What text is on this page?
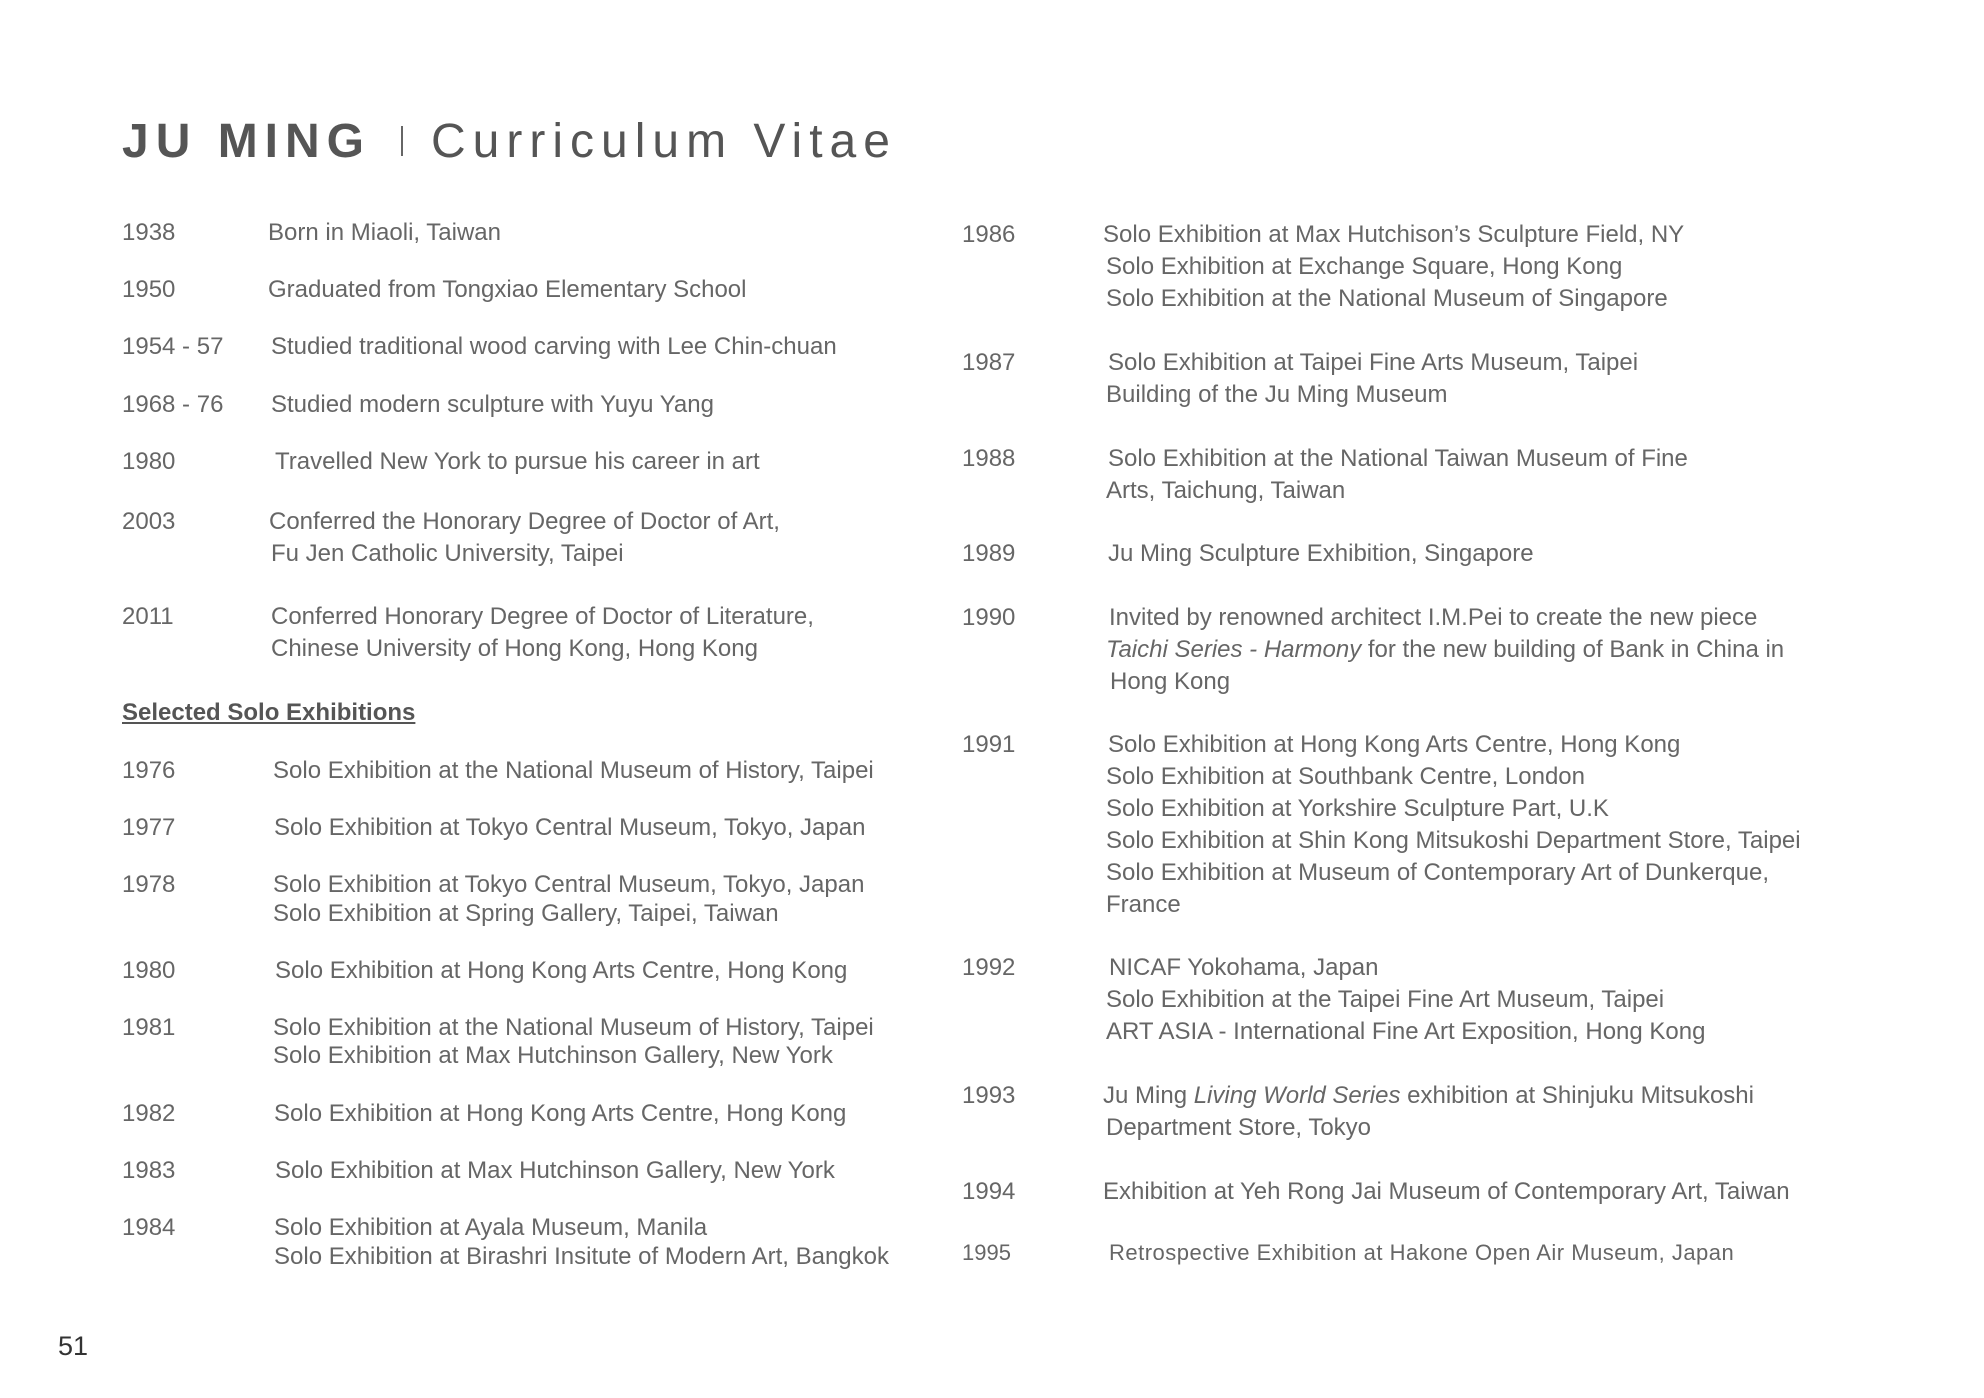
JU MING Curriculum Vitae
1938	Born in Miaoli, Taiwan
1950	Graduated from Tongxiao Elementary School
1954 - 57 Studied traditional wood carving with Lee Chin-chuan
1968 - 76 Studied modern sculpture with Yuyu Yang
1980	Travelled New York to pursue his career in art
2003	Conferred the Honorary Degree of Doctor of Art,
Fu Jen Catholic University, Taipei
2011	Conferred Honorary Degree of Doctor of Literature,
Chinese University of Hong Kong, Hong Kong
Selected Solo Exhibitions
1976	Solo Exhibition at the National Museum of History, Taipei
1977	Solo Exhibition at Tokyo Central Museum, Tokyo, Japan
1978	Solo Exhibition at Tokyo Central Museum, Tokyo, Japan
Solo Exhibition at Spring Gallery, Taipei, Taiwan
1980	Solo Exhibition at Hong Kong Arts Centre, Hong Kong
1981	Solo Exhibition at the National Museum of History, Taipei
Solo Exhibition at Max Hutchinson Gallery, New York
1982	Solo Exhibition at Hong Kong Arts Centre, Hong Kong
1983	Solo Exhibition at Max Hutchinson Gallery, New York
1984	Solo Exhibition at Ayala Museum, Manila
Solo Exhibition at Birashri Insitute of Modern Art, Bangkok
1986	Solo Exhibition at Max Hutchison’s Sculpture Field, NY
Solo Exhibition at Exchange Square, Hong Kong
Solo Exhibition at the National Museum of Singapore
1987	Solo Exhibition at Taipei Fine Arts Museum, Taipei
Building of the Ju Ming Museum
1988	Solo Exhibition at the National Taiwan Museum of Fine
Arts, Taichung, Taiwan
1989	Ju Ming Sculpture Exhibition, Singapore
1990	Invited by renowned architect I.M.Pei to create the new piece
Taichi Series - Harmony for the new building of Bank in China in
Hong Kong
1991	Solo Exhibition at Hong Kong Arts Centre, Hong Kong
Solo Exhibition at Southbank Centre, London
Solo Exhibition at Yorkshire Sculpture Part, U.K
Solo Exhibition at Shin Kong Mitsukoshi Department Store, Taipei
Solo Exhibition at Museum of Contemporary Art of Dunkerque,
France
1992	NICAF Yokohama, Japan
Solo Exhibition at the Taipei Fine Art Museum, Taipei
ART ASIA - International Fine Art Exposition, Hong Kong
1993	Ju Ming Living World Series exhibition at Shinjuku Mitsukoshi
Department Store, Tokyo
1994	Exhibition at Yeh Rong Jai Museum of Contemporary Art, Taiwan
1995	Retrospective Exhibition at Hakone Open Air Museum, Japan
51
